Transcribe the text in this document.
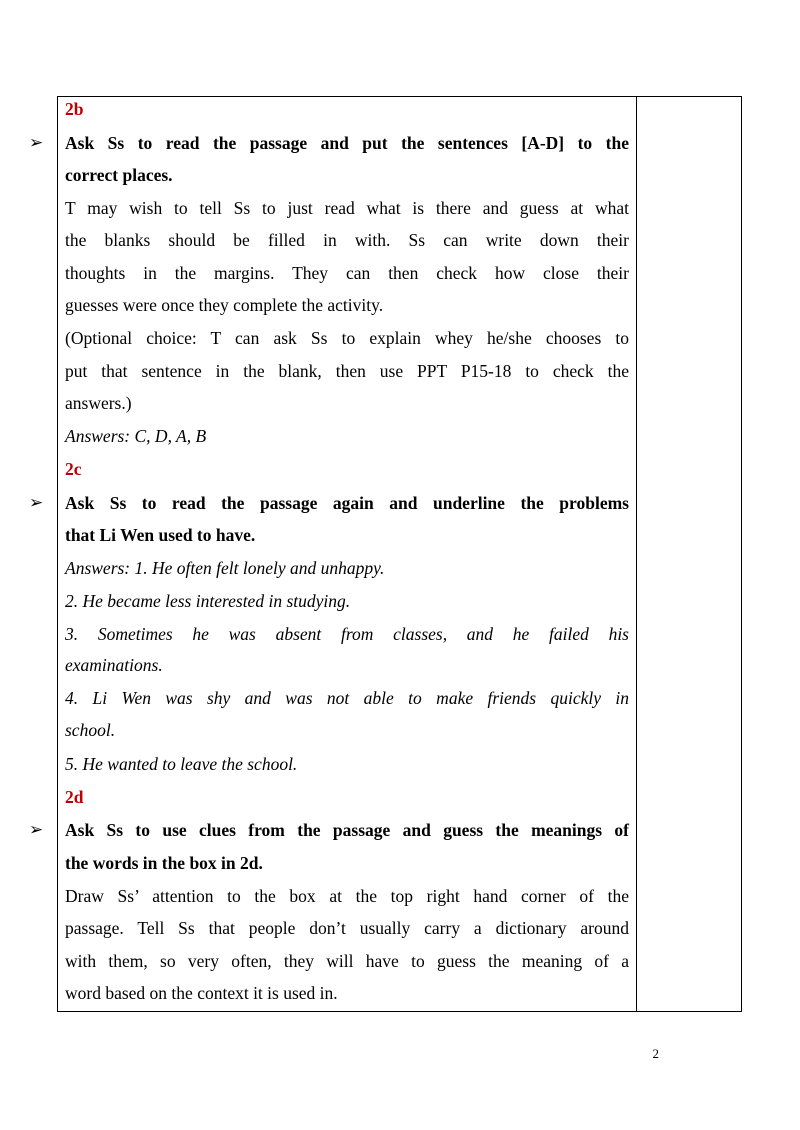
2b
Ask Ss to read the passage and put the sentences [A-D] to the
➢
correct places.
T may wish to tell Ss to just read what is there and guess at what
the blanks should be filled in with. Ss can write down their
thoughts in the margins. They can then check how close their
guesses were once they complete the activity.
(Optional choice: T can ask Ss to explain whey he/she chooses to
put that sentence in the blank, then use PPT P15-18 to check the
answers.)
Answers: C, D, A, B
2c
Ask Ss to read the passage again and underline the problems
➢
that Li Wen used to have.
Answers: 1. He often felt lonely and unhappy.
2. He became less interested in studying.
3. Sometimes he was absent from classes, and he failed his
examinations.
4. Li Wen was shy and was not able to make friends quickly in
school.
5. He wanted to leave the school.
2d
Ask Ss to use clues from the passage and guess the meanings of
➢
the words in the box in 2d.
Draw Ss’ attention to the box at the top right hand corner of the
passage. Tell Ss that people don’t usually carry a dictionary around
with them, so very often, they will have to guess the meaning of a
word based on the context it is used in.
2
